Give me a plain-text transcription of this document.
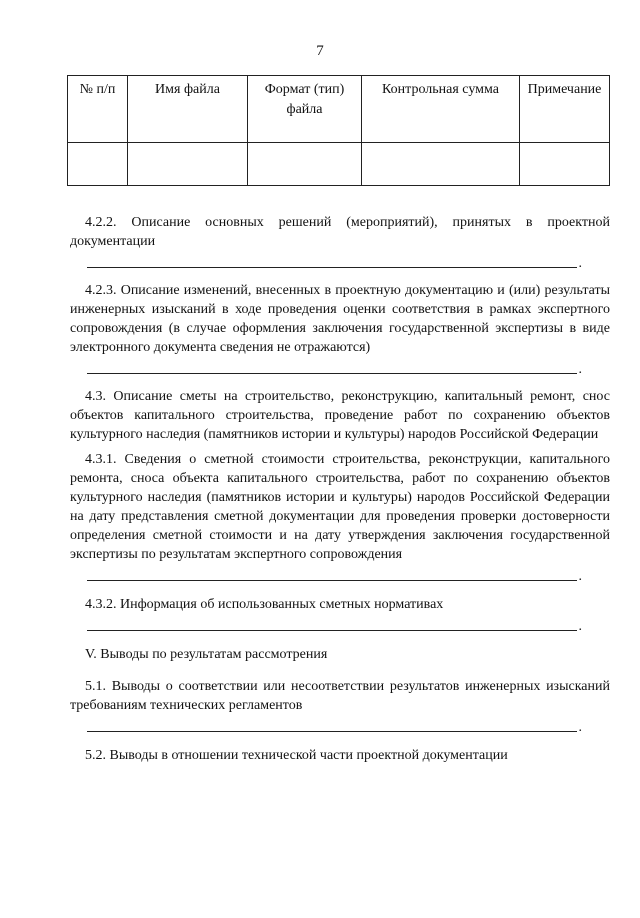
7
№ п/п	Имя файла	Формат (тип) файла	Контрольная сумма	Примечание

4.2.2. Описание основных решений (мероприятий), принятых в проектной документации

.

4.2.3. Описание изменений, внесенных в проектную документацию и (или) результаты инженерных изысканий в ходе проведения оценки соответствия в рамках экспертного сопровождения (в случае оформления заключения государственной экспертизы в виде электронного документа сведения не отражаются)

.

4.3. Описание сметы на строительство, реконструкцию, капитальный ремонт, снос объектов капитального строительства, проведение работ по сохранению объектов культурного наследия (памятников истории и культуры) народов Российской Федерации

4.3.1. Сведения о сметной стоимости строительства, реконструкции, капитального ремонта, сноса объекта капитального строительства, работ по сохранению объектов культурного наследия (памятников истории и культуры) народов Российской Федерации на дату представления сметной документации для проведения проверки достоверности определения сметной стоимости и на дату утверждения заключения государственной экспертизы по результатам экспертного сопровождения

.

4.3.2. Информация об использованных сметных нормативах

.

V. Выводы по результатам рассмотрения

5.1. Выводы о соответствии или несоответствии результатов инженерных изысканий требованиям технических регламентов

.

5.2. Выводы в отношении технической части проектной документации
